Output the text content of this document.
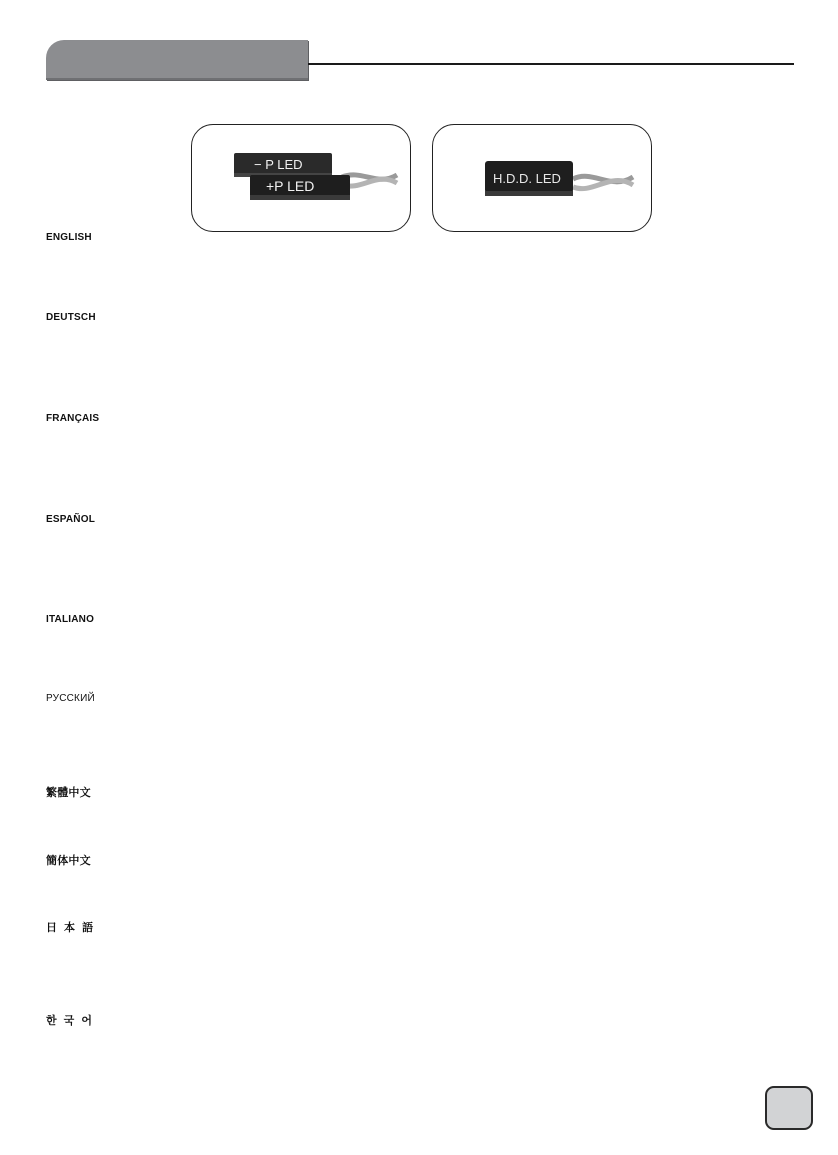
− P LED
+P LED	H.D.D. LED
ENGLISH
DEUTSCH
FRANÇAIS
ESPAÑOL
ITALIANO
РУССКИЙ
繁體中文
簡体中文
日 本 語
한 국 어
